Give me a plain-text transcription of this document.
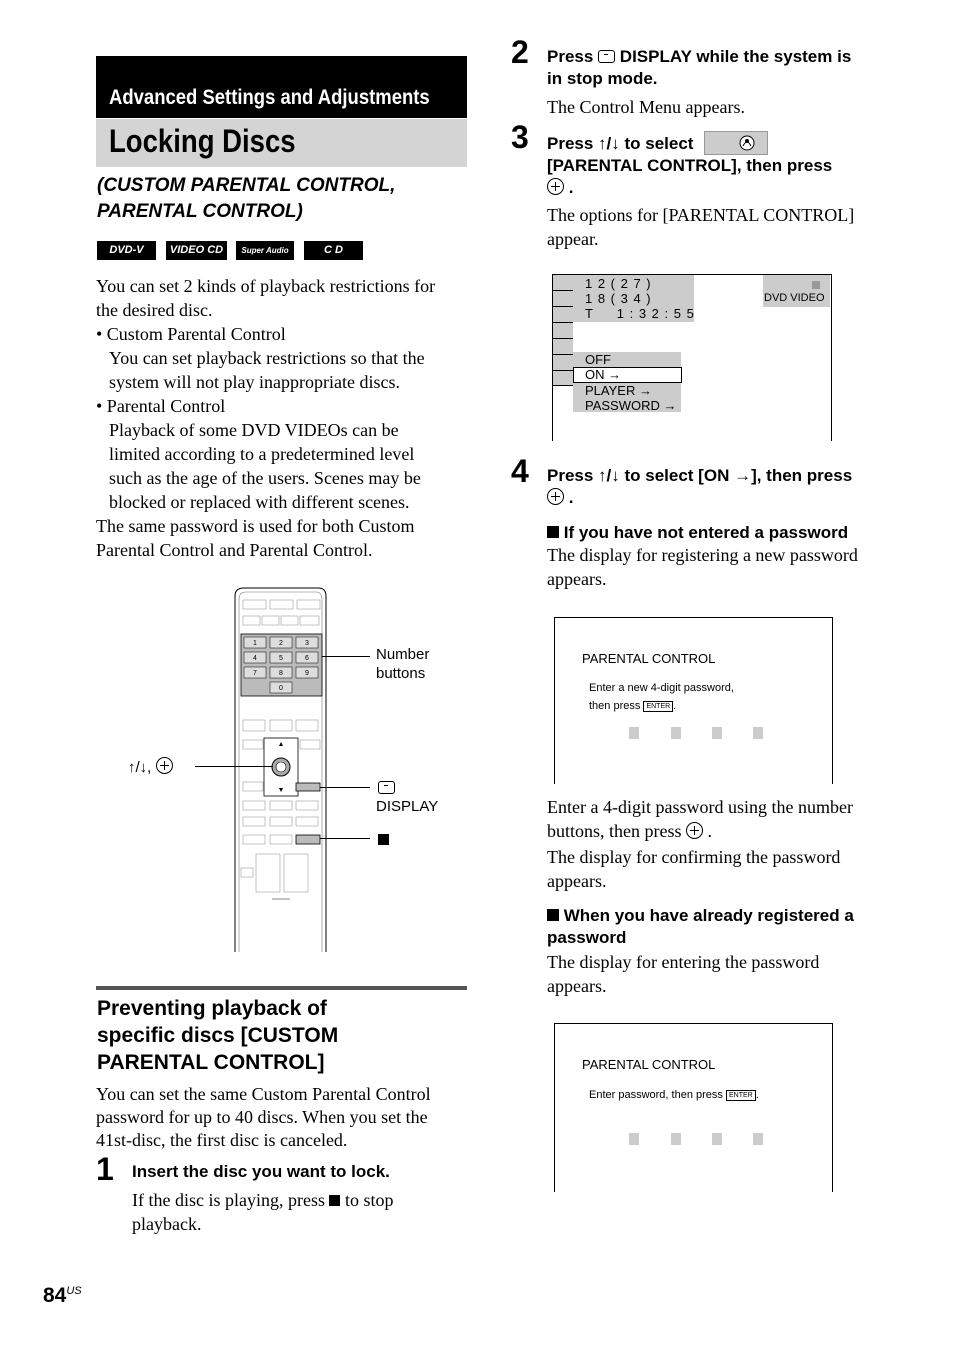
Advanced Settings and Adjustments
Locking Discs
(CUSTOM PARENTAL CONTROL,
PARENTAL CONTROL)
DVD-V	VIDEO CD	Super Audio CD
C D

You can set 2 kinds of playback restrictions for

the desired disc.

• Custom Parental Control

You can set playback restrictions so that the

system will not play inappropriate discs.

• Parental Control

Playback of some DVD VIDEOs can be

limited according to a predetermined level

such as the age of the users. Scenes may be

blocked or replaced with different scenes.

The same password is used for both Custom

Parental Control and Parental Control.

1	2	3
4	5	6
7	8	9
0

Number

buttons

↑/↓,
DISPLAY

Preventing playback of

specific discs [CUSTOM

PARENTAL CONTROL]

You can set the same Custom Parental Control

password for up to 40 discs. When you set the

41st-disc, the first disc is canceled.

1 Insert the disc you want to lock.

If the disc is playing, press to stop

playback.

$84^{US}$
2 Press DISPLAY while the system is

in stop mode.

The Control Menu appears.
3 Press ↑/↓ to select

[PARENTAL CONTROL], then press

.

The options for [PARENTAL CONTROL]

appear.

1 2 ( 2 7 )
1 8 ( 3 4 )
T     1 : 3 2 : 5 5
DVD VIDEO
OFF
ON →
PLAYER →
PASSWORD →
4 Press ↑/↓ to select [ON →], then press

.

If you have not entered a password

The display for registering a new password

appears.

PARENTAL CONTROL
Enter a new 4-digit password,
then press ENTER .

Enter a 4-digit password using the number

buttons, then press  .

The display for confirming the password

appears.

When you have already registered a

password

The display for entering the password

appears.

PARENTAL CONTROL
Enter password, then press ENTER .
